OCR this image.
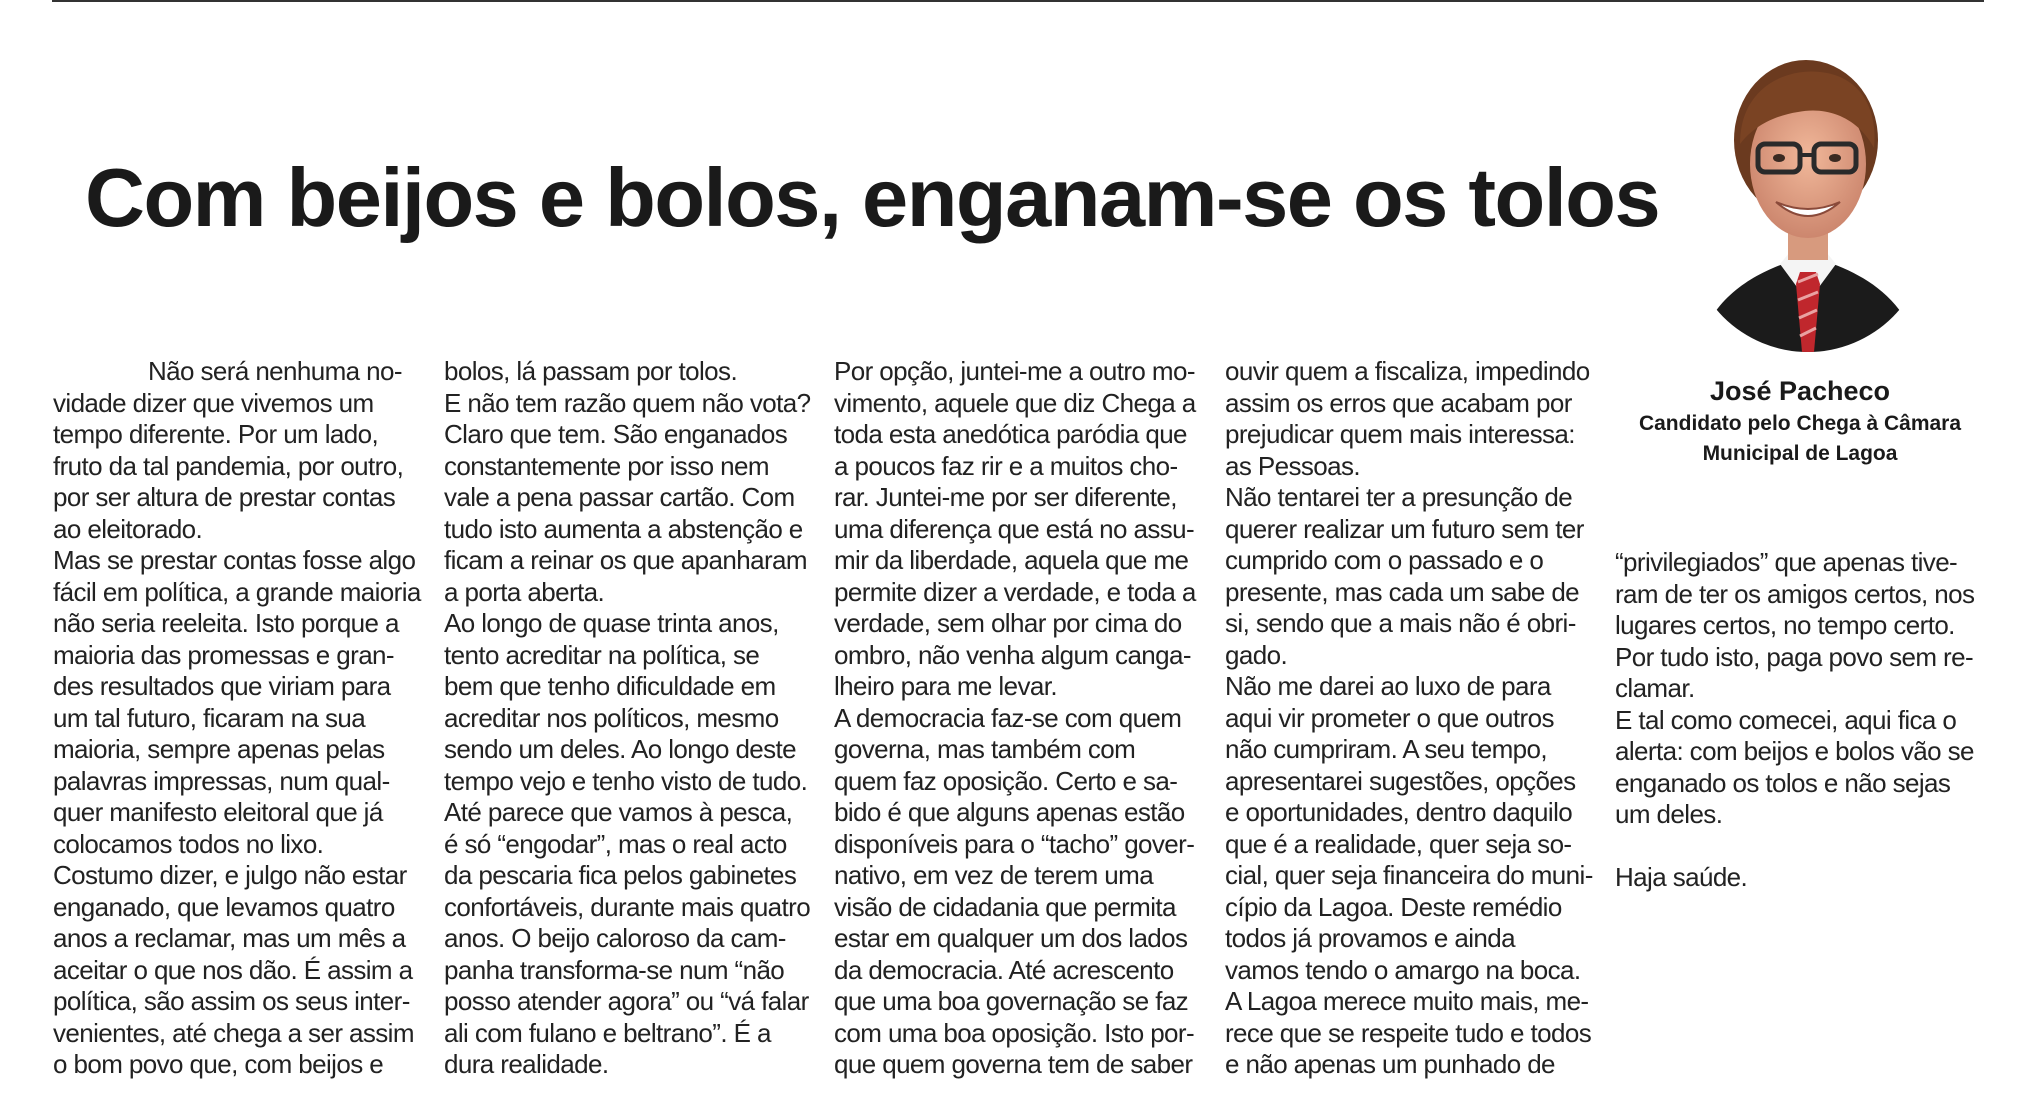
Com beijos e bolos, enganam-se os tolos
Não será nenhuma no-
vidade dizer que vivemos um
tempo diferente. Por um lado,
fruto da tal pandemia, por outro,
por ser altura de prestar contas
ao eleitorado.
Mas se prestar contas fosse algo
fácil em política, a grande maioria
não seria reeleita. Isto porque a
maioria das promessas e gran-
des resultados que viriam para
um tal futuro, ficaram na sua
maioria, sempre apenas pelas
palavras impressas, num qual-
quer manifesto eleitoral que já
colocamos todos no lixo.
Costumo dizer, e julgo não estar
enganado, que levamos quatro
anos a reclamar, mas um mês a
aceitar o que nos dão. É assim a
política, são assim os seus inter-
venientes, até chega a ser assim
o bom povo que, com beijos e
bolos, lá passam por tolos.
E não tem razão quem não vota?
Claro que tem. São enganados
constantemente por isso nem
vale a pena passar cartão. Com
tudo isto aumenta a abstenção e
ficam a reinar os que apanharam
a porta aberta.
Ao longo de quase trinta anos,
tento acreditar na política, se
bem que tenho dificuldade em
acreditar nos políticos, mesmo
sendo um deles. Ao longo deste
tempo vejo e tenho visto de tudo.
Até parece que vamos à pesca,
é só “engodar”, mas o real acto
da pescaria fica pelos gabinetes
confortáveis, durante mais quatro
anos. O beijo caloroso da cam-
panha transforma-se num “não
posso atender agora” ou “vá falar
ali com fulano e beltrano”. É a
dura realidade.
Por opção, juntei-me a outro mo-
vimento, aquele que diz Chega a
toda esta anedótica paródia que
a poucos faz rir e a muitos cho-
rar. Juntei-me por ser diferente,
uma diferença que está no assu-
mir da liberdade, aquela que me
permite dizer a verdade, e toda a
verdade, sem olhar por cima do
ombro, não venha algum canga-
lheiro para me levar.
A democracia faz-se com quem
governa, mas também com
quem faz oposição. Certo e sa-
bido é que alguns apenas estão
disponíveis para o “tacho” gover-
nativo, em vez de terem uma
visão de cidadania que permita
estar em qualquer um dos lados
da democracia. Até acrescento
que uma boa governação se faz
com uma boa oposição. Isto por-
que quem governa tem de saber
ouvir quem a fiscaliza, impedindo
assim os erros que acabam por
prejudicar quem mais interessa:
as Pessoas.
Não tentarei ter a presunção de
querer realizar um futuro sem ter
cumprido com o passado e o
presente, mas cada um sabe de
si, sendo que a mais não é obri-
gado.
Não me darei ao luxo de para
aqui vir prometer o que outros
não cumpriram. A seu tempo,
apresentarei sugestões, opções
e oportunidades, dentro daquilo
que é a realidade, quer seja so-
cial, quer seja financeira do muni-
cípio da Lagoa. Deste remédio
todos já provamos e ainda
vamos tendo o amargo na boca.
A Lagoa merece muito mais, me-
rece que se respeite tudo e todos
e não apenas um punhado de
“privilegiados” que apenas tive-
ram de ter os amigos certos, nos
lugares certos, no tempo certo.
Por tudo isto, paga povo sem re-
clamar.
E tal como comecei, aqui fica o
alerta: com beijos e bolos vão se
enganado os tolos e não sejas
um deles.
Haja saúde.
José Pacheco
Candidato pelo Chega à Câmara
Municipal de Lagoa
